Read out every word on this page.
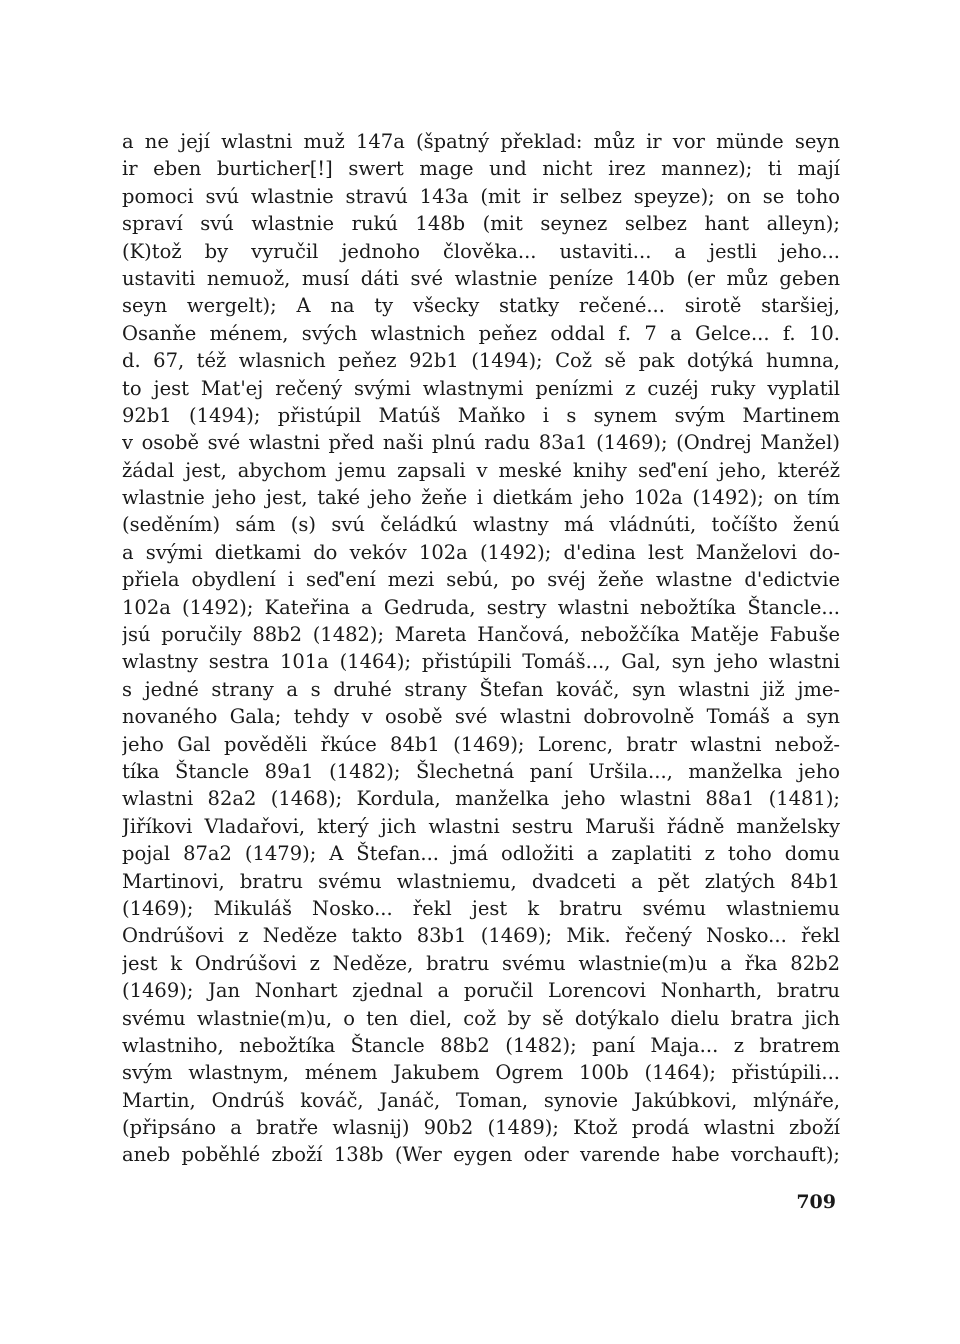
a ne její wlastni muž 147a (špatný překlad: můz ir vor münde seyn
ir eben burticher[!] swert mage und nicht irez mannez); ti mají
pomoci svú wlastnie stravú 143a (mit ir selbez speyze); on se toho
spraví svú wlastnie rukú 148b (mit seynez selbez hant alleyn);
(K)tož by vyručil jednoho člověka... ustaviti... a jestli jeho...
ustaviti nemuož, musí dáti své wlastnie peníze 140b (er můz geben
seyn wergelt); A na ty všecky statky rečené... sirotě staršiej,
Osanňe ménem, svých wlastnich peňez oddal f. 7 a Gelce... f. 10.
d. 67, též wlasnich peňez 92b1 (1494); Což sě pak dotýká humna,
to jest Mat'ej rečený svými wlastnymi penízmi z cuzéj ruky vyplatil
92b1 (1494); přistúpil Matúš Maňko i s synem svým Martinem
v osobě své wlastni před naši plnú radu 83a1 (1469); (Ondrej Manžel)
žádal jest, abychom jemu zapsali v meské knihy seď'ení jeho, kteréž
wlastnie jeho jest, také jeho žeňe i dietkám jeho 102a (1492); on tím
(seděním) sám (s) svú čeládkú wlastny má vládnúti, točíšto ženú
a svými dietkami do vekóv 102a (1492); d'edina lest Manželovi do-
přiela obydlení i seď'ení mezi sebú, po svéj žeňe wlastne d'edictvie
102a (1492); Kateřina a Gedruda, sestry wlastni nebožtíka Štancle...
jsú poručily 88b2 (1482); Mareta Hančová, nebožčíka Matěje Fabuše
wlastny sestra 101a (1464); přistúpili Tomáš..., Gal, syn jeho wlastni
s jedné strany a s druhé strany Štefan kováč, syn wlastni již jme-
novaného Gala; tehdy v osobě své wlastni dobrovolně Tomáš a syn
jeho Gal pověděli řkúce 84b1 (1469); Lorenc, bratr wlastni nebož-
tíka Štancle 89a1 (1482); Šlechetná paní Uršila..., manželka jeho
wlastni 82a2 (1468); Kordula, manželka jeho wlastni 88a1 (1481);
Jiříkovi Vladařovi, který jich wlastni sestru Maruši řádně manželsky
pojal 87a2 (1479); A Štefan... jmá odložiti a zaplatiti z toho domu
Martinovi, bratru svému wlastniemu, dvadceti a pět zlatých 84b1
(1469); Mikuláš Nosko... řekl jest k bratru svému wlastniemu
Ondrúšovi z Neděze takto 83b1 (1469); Mik. řečený Nosko... řekl
jest k Ondrúšovi z Neděze, bratru svému wlastnie(m)u a řka 82b2
(1469); Jan Nonhart zjednal a poručil Lorencovi Nonharth, bratru
svému wlastnie(m)u, o ten diel, což by sě dotýkalo dielu bratra jich
wlastniho, nebožtíka Štancle 88b2 (1482); paní Maja... z bratrem
svým wlastnym, ménem Jakubem Ogrem 100b (1464); přistúpili...
Martin, Ondrúš kováč, Janáč, Toman, synovie Jakúbkovi, mlýnáře,
(připsáno a bratře wlasnij) 90b2 (1489); Ktož prodá wlastni zboží
aneb poběhlé zboží 138b (Wer eygen oder varende habe vorchauft);
709
